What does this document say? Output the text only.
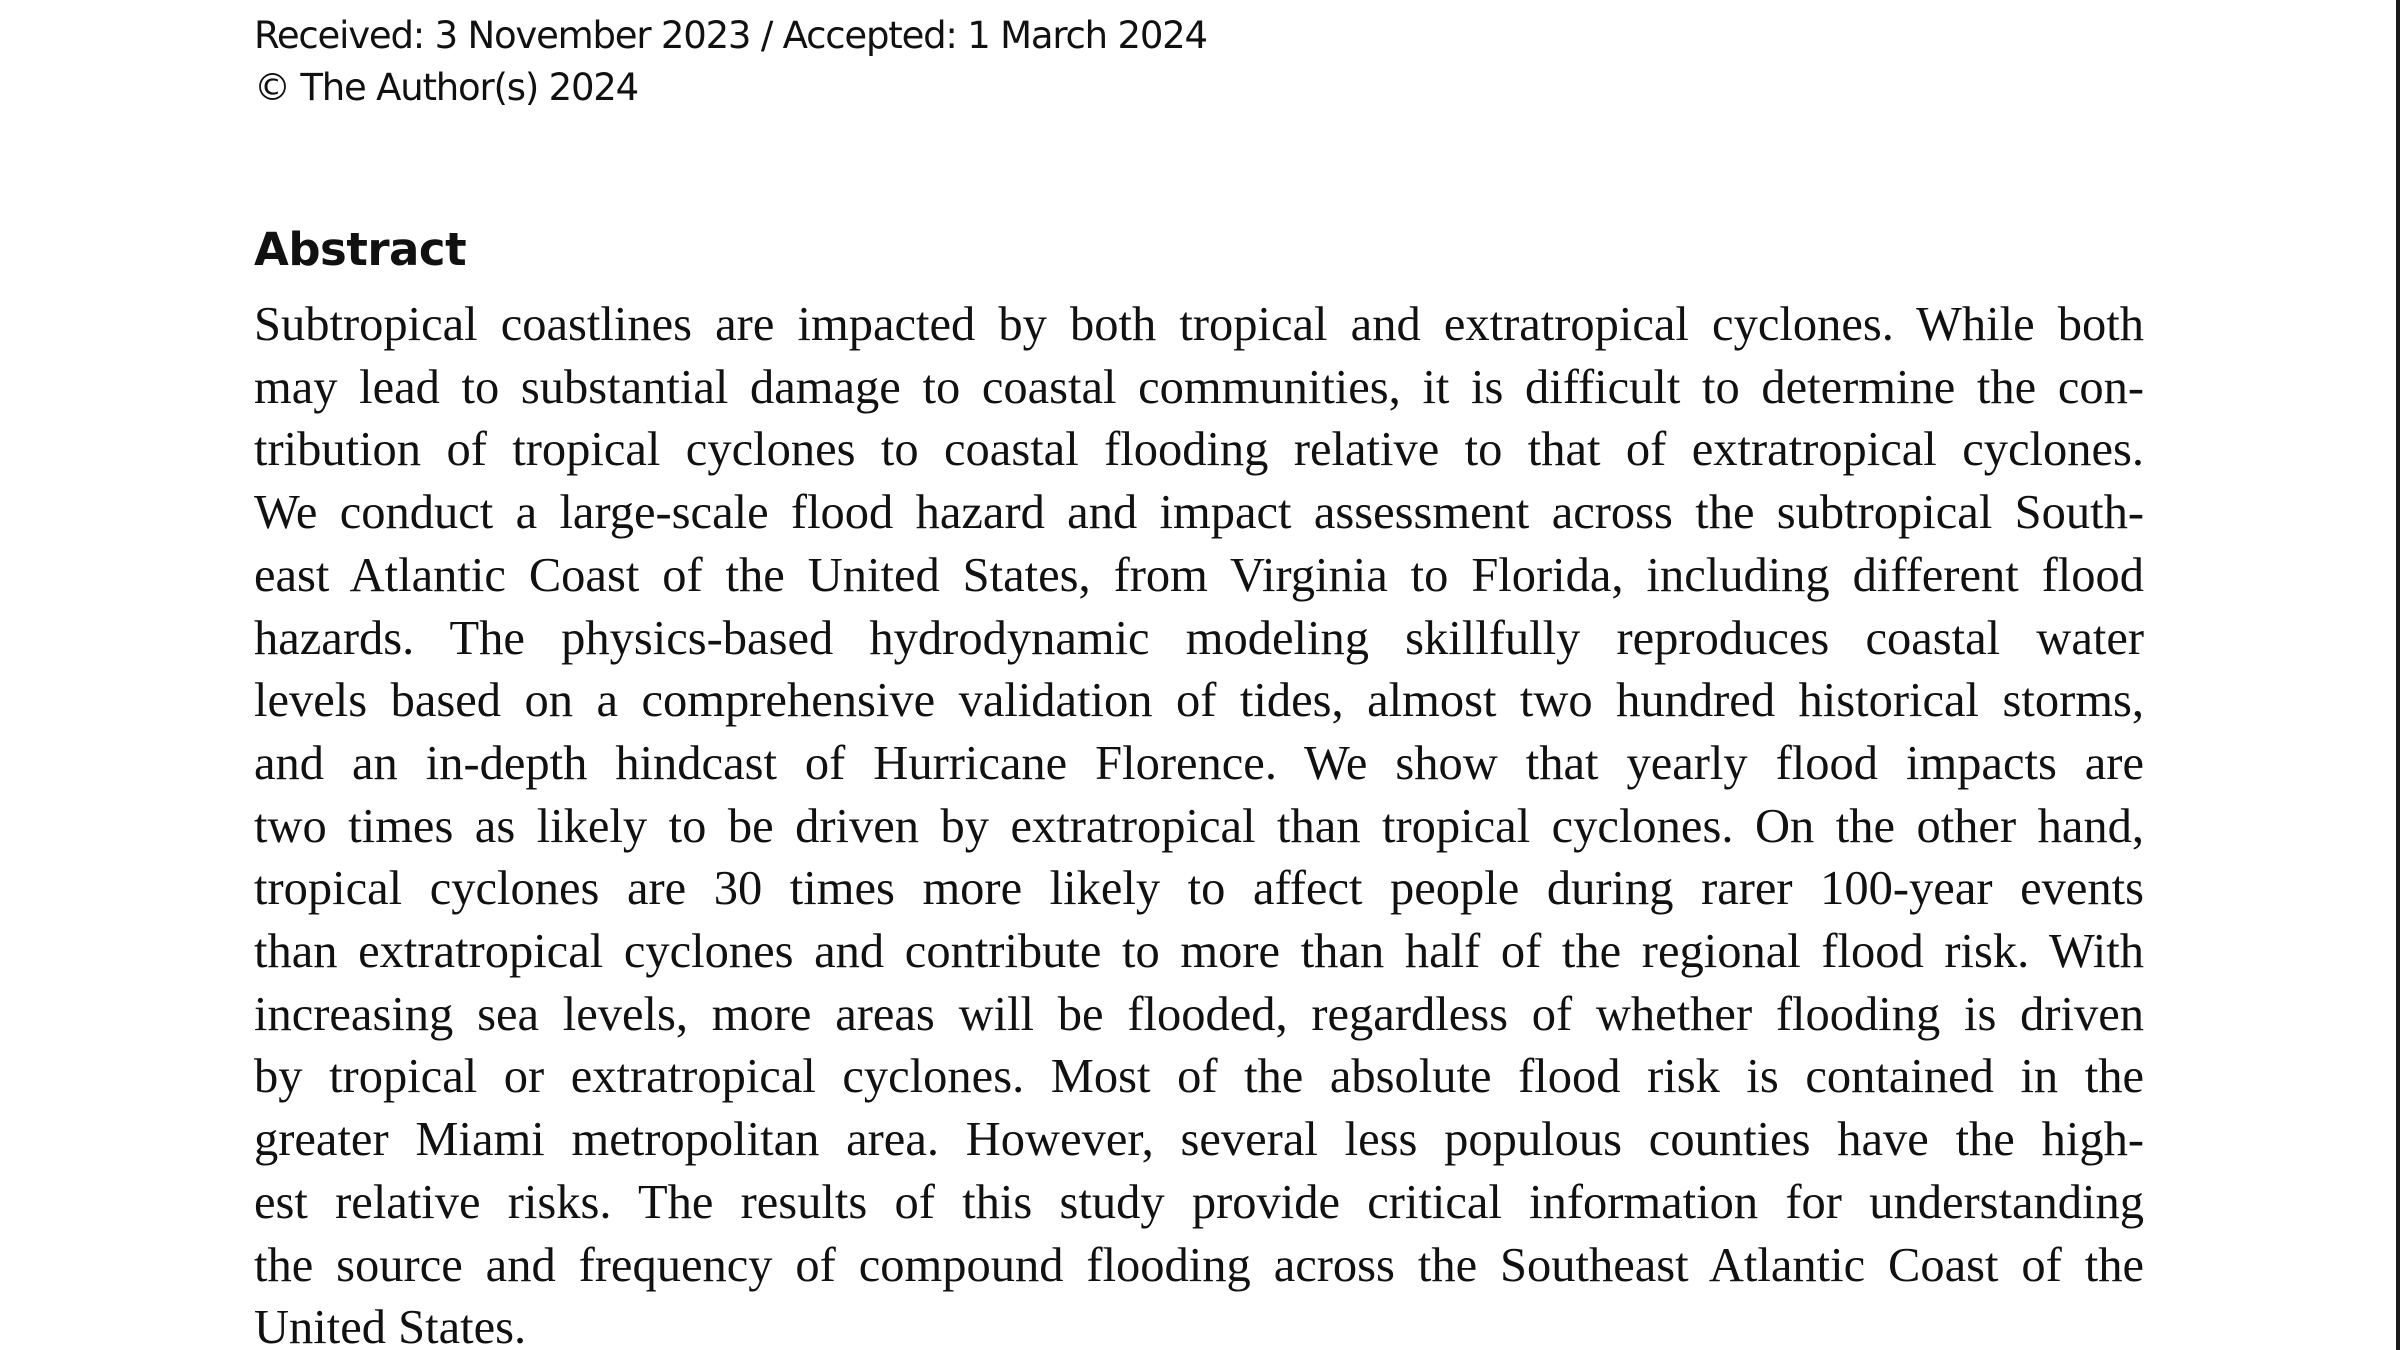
Received: 3 November 2023 / Accepted: 1 March 2024
© The Author(s) 2024
Abstract
Subtropical coastlines are impacted by both tropical and extratropical cyclones. While both
may lead to substantial damage to coastal communities, it is difficult to determine the con-
tribution of tropical cyclones to coastal flooding relative to that of extratropical cyclones.
We conduct a large-scale flood hazard and impact assessment across the subtropical South-
east Atlantic Coast of the United States, from Virginia to Florida, including different flood
hazards. The physics-based hydrodynamic modeling skillfully reproduces coastal water
levels based on a comprehensive validation of tides, almost two hundred historical storms,
and an in-depth hindcast of Hurricane Florence. We show that yearly flood impacts are
two times as likely to be driven by extratropical than tropical cyclones. On the other hand,
tropical cyclones are 30 times more likely to affect people during rarer 100-year events
than extratropical cyclones and contribute to more than half of the regional flood risk. With
increasing sea levels, more areas will be flooded, regardless of whether flooding is driven
by tropical or extratropical cyclones. Most of the absolute flood risk is contained in the
greater Miami metropolitan area. However, several less populous counties have the high-
est relative risks. The results of this study provide critical information for understanding
the source and frequency of compound flooding across the Southeast Atlantic Coast of the
United States.
